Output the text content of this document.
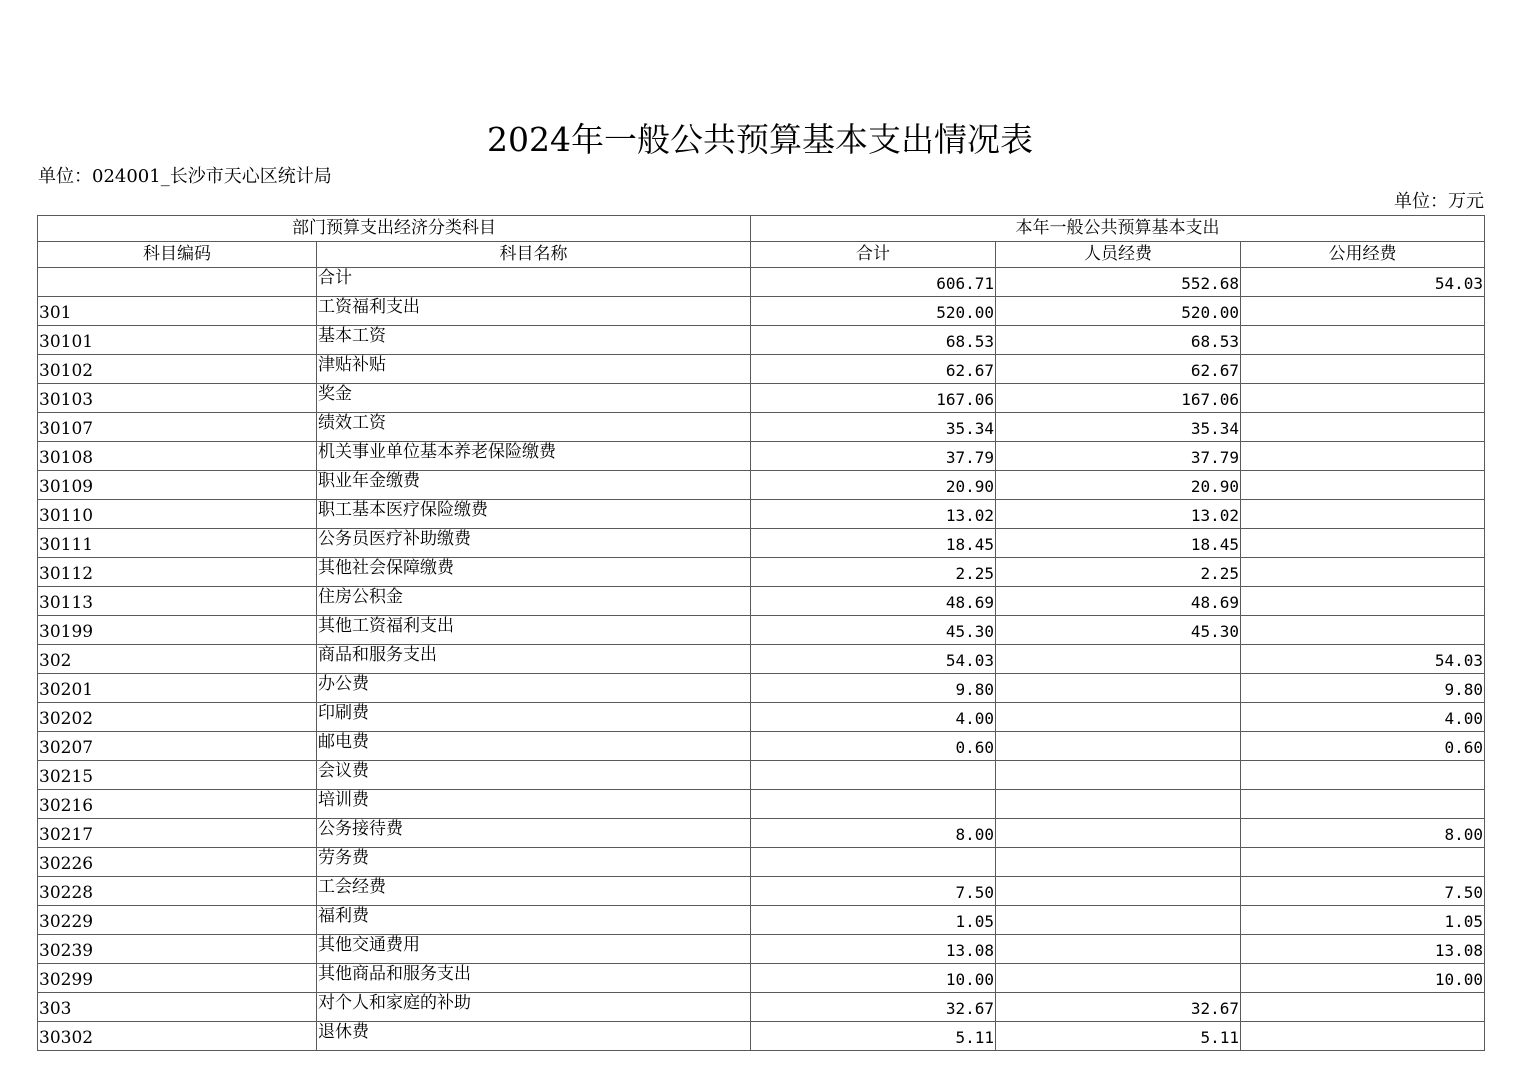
2024年一般公共预算基本支出情况表
单位：024001_长沙市天心区统计局
单位：万元
部门预算支出经济分类科目		本年一般公共预算基本支出		
科目编码	科目名称	合计	人员经费	公用经费
	合计	606.71	552.68	54.03
301	工资福利支出	520.00	520.00	
30101	基本工资	68.53	68.53	
30102	津贴补贴	62.67	62.67	
30103	奖金	167.06	167.06	
30107	绩效工资	35.34	35.34	
30108	机关事业单位基本养老保险缴费	37.79	37.79	
30109	职业年金缴费	20.90	20.90	
30110	职工基本医疗保险缴费	13.02	13.02	
30111	公务员医疗补助缴费	18.45	18.45	
30112	其他社会保障缴费	2.25	2.25	
30113	住房公积金	48.69	48.69	
30199	其他工资福利支出	45.30	45.30	
302	商品和服务支出	54.03		54.03
30201	办公费	9.80		9.80
30202	印刷费	4.00		4.00
30207	邮电费	0.60		0.60
30215	会议费			
30216	培训费			
30217	公务接待费	8.00		8.00
30226	劳务费			
30228	工会经费	7.50		7.50
30229	福利费	1.05		1.05
30239	其他交通费用	13.08		13.08
30299	其他商品和服务支出	10.00		10.00
303	对个人和家庭的补助	32.67	32.67	
30302	退休费	5.11	5.11	
